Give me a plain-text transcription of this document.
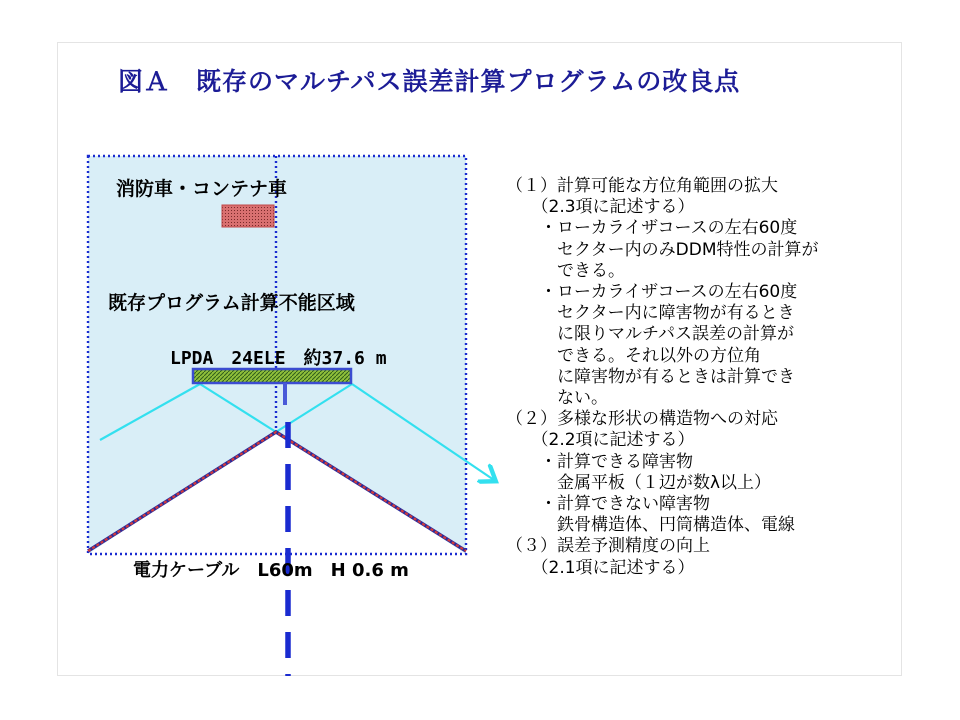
図Ａ　既存のマルチパス誤差計算プログラムの改良点
消防車・コンテナ車
既存プログラム計算不能区域
LPDA　24ELE　約37.6 m
電力ケーブル　L60m　H 0.6 m
（１）計算可能な方位角範囲の拡大
　　（2.3項に記述する）
　　・ローカライザコースの左右60度
　　　セクター内のみDDM特性の計算が
　　　できる。
　　・ローカライザコースの左右60度
　　　セクター内に障害物が有るとき
　　　に限りマルチパス誤差の計算が
　　　できる。それ以外の方位角
　　　に障害物が有るときは計算でき
　　　ない。
（２）多様な形状の構造物への対応
　　（2.2項に記述する）
　　・計算できる障害物
　　　金属平板（１辺が数λ以上）
　　・計算できない障害物
　　　鉄骨構造体、円筒構造体、電線
（３）誤差予測精度の向上
　　（2.1項に記述する）
